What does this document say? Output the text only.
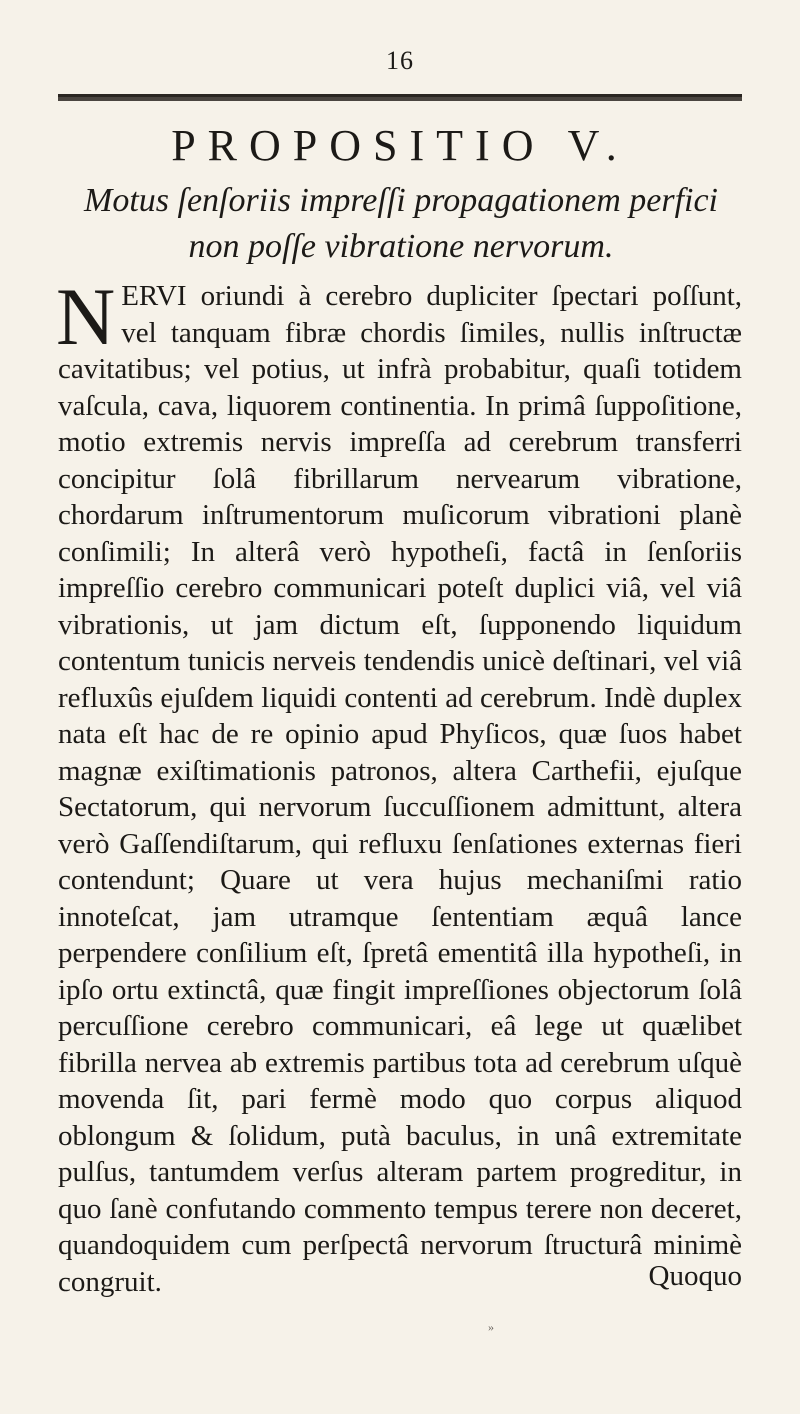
16
PROPOSITIO V.
Motus ſenſoriis impreſſi propagationem perfici non poſſe vibratione nervorum.
N ERVI oriundi à cerebro dupliciter ſpectari poſſunt, vel tanquam fibræ chordis ſimiles, nullis inſtructæ cavitatibus; vel potius, ut infrà probabitur, quaſi totidem vaſcula, cava, liquorem continentia. In primâ ſuppoſitione, motio extremis nervis impreſſa ad cerebrum transferri concipitur ſolâ fibrillarum nervearum vibratione, chordarum inſtrumentorum muſicorum vibrationi planè conſimili; In alterâ verò hypotheſi, factâ in ſenſoriis impreſſio cerebro communicari poteſt duplici viâ, vel viâ vibrationis, ut jam dictum eſt, ſupponendo liquidum contentum tunicis nerveis tendendis unicè deſtinari, vel viâ refluxûs ejuſdem liquidi contenti ad cerebrum. Indè duplex nata eſt hac de re opinio apud Phyſicos, quæ ſuos habet magnæ exiſtimationis patronos, altera Carthefii, ejuſque Sectatorum, qui nervorum ſuccuſſionem admittunt, altera verò Gaſſendiſtarum, qui refluxu ſenſationes externas fieri contendunt; Quare ut vera hujus mechaniſmi ratio innoteſcat, jam utramque ſententiam æquâ lance perpendere conſilium eſt, ſpretâ ementitâ illa hypotheſi, in ipſo ortu extinctâ, quæ fingit impreſſiones objectorum ſolâ percuſſione cerebro communicari, eâ lege ut quælibet fibrilla nervea ab extremis partibus tota ad cerebrum uſquè movenda ſit, pari fermè modo quo corpus aliquod oblongum & ſolidum, putà baculus, in unâ extremitate pulſus, tantumdem verſus alteram partem progreditur, in quo ſanè confutando commento tempus terere non deceret, quandoquidem cum perſpectâ nervorum ſtructurâ minimè congruit.	Quoquo
»
